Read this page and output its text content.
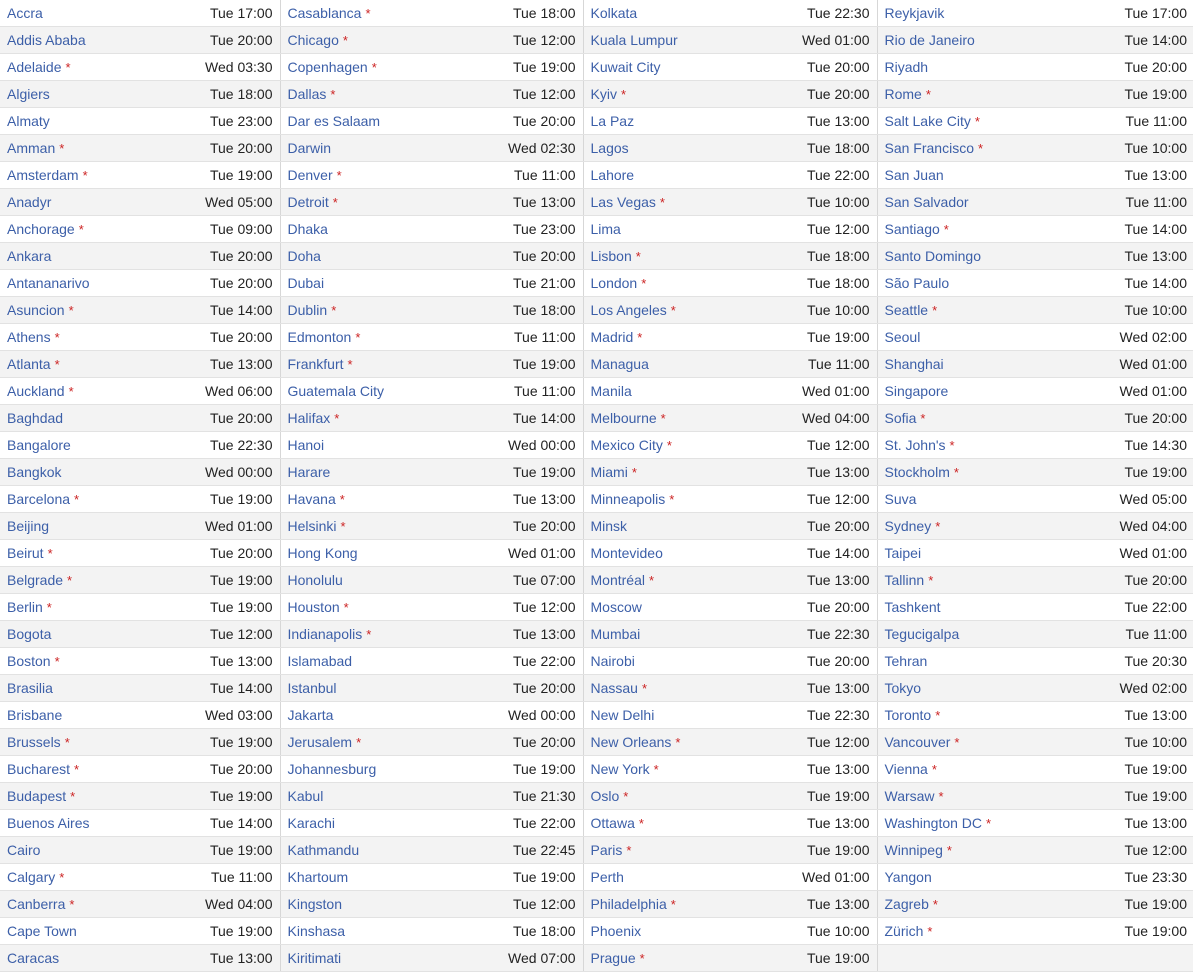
Accra	Tue 17:00	Casablanca *	Tue 18:00	Kolkata	Tue 22:30	Reykjavik	Tue 17:00
Addis Ababa	Tue 20:00	Chicago *	Tue 12:00	Kuala Lumpur	Wed 01:00	Rio de Janeiro	Tue 14:00
Adelaide *	Wed 03:30	Copenhagen *	Tue 19:00	Kuwait City	Tue 20:00	Riyadh	Tue 20:00
Algiers	Tue 18:00	Dallas *	Tue 12:00	Kyiv *	Tue 20:00	Rome *	Tue 19:00
Almaty	Tue 23:00	Dar es Salaam	Tue 20:00	La Paz	Tue 13:00	Salt Lake City *	Tue 11:00
Amman *	Tue 20:00	Darwin	Wed 02:30	Lagos	Tue 18:00	San Francisco *	Tue 10:00
Amsterdam *	Tue 19:00	Denver *	Tue 11:00	Lahore	Tue 22:00	San Juan	Tue 13:00
Anadyr	Wed 05:00	Detroit *	Tue 13:00	Las Vegas *	Tue 10:00	San Salvador	Tue 11:00
Anchorage *	Tue 09:00	Dhaka	Tue 23:00	Lima	Tue 12:00	Santiago *	Tue 14:00
Ankara	Tue 20:00	Doha	Tue 20:00	Lisbon *	Tue 18:00	Santo Domingo	Tue 13:00
Antananarivo	Tue 20:00	Dubai	Tue 21:00	London *	Tue 18:00	São Paulo	Tue 14:00
Asuncion *	Tue 14:00	Dublin *	Tue 18:00	Los Angeles *	Tue 10:00	Seattle *	Tue 10:00
Athens *	Tue 20:00	Edmonton *	Tue 11:00	Madrid *	Tue 19:00	Seoul	Wed 02:00
Atlanta *	Tue 13:00	Frankfurt *	Tue 19:00	Managua	Tue 11:00	Shanghai	Wed 01:00
Auckland *	Wed 06:00	Guatemala City	Tue 11:00	Manila	Wed 01:00	Singapore	Wed 01:00
Baghdad	Tue 20:00	Halifax *	Tue 14:00	Melbourne *	Wed 04:00	Sofia *	Tue 20:00
Bangalore	Tue 22:30	Hanoi	Wed 00:00	Mexico City *	Tue 12:00	St. John's *	Tue 14:30
Bangkok	Wed 00:00	Harare	Tue 19:00	Miami *	Tue 13:00	Stockholm *	Tue 19:00
Barcelona *	Tue 19:00	Havana *	Tue 13:00	Minneapolis *	Tue 12:00	Suva	Wed 05:00
Beijing	Wed 01:00	Helsinki *	Tue 20:00	Minsk	Tue 20:00	Sydney *	Wed 04:00
Beirut *	Tue 20:00	Hong Kong	Wed 01:00	Montevideo	Tue 14:00	Taipei	Wed 01:00
Belgrade *	Tue 19:00	Honolulu	Tue 07:00	Montréal *	Tue 13:00	Tallinn *	Tue 20:00
Berlin *	Tue 19:00	Houston *	Tue 12:00	Moscow	Tue 20:00	Tashkent	Tue 22:00
Bogota	Tue 12:00	Indianapolis *	Tue 13:00	Mumbai	Tue 22:30	Tegucigalpa	Tue 11:00
Boston *	Tue 13:00	Islamabad	Tue 22:00	Nairobi	Tue 20:00	Tehran	Tue 20:30
Brasilia	Tue 14:00	Istanbul	Tue 20:00	Nassau *	Tue 13:00	Tokyo	Wed 02:00
Brisbane	Wed 03:00	Jakarta	Wed 00:00	New Delhi	Tue 22:30	Toronto *	Tue 13:00
Brussels *	Tue 19:00	Jerusalem *	Tue 20:00	New Orleans *	Tue 12:00	Vancouver *	Tue 10:00
Bucharest *	Tue 20:00	Johannesburg	Tue 19:00	New York *	Tue 13:00	Vienna *	Tue 19:00
Budapest *	Tue 19:00	Kabul	Tue 21:30	Oslo *	Tue 19:00	Warsaw *	Tue 19:00
Buenos Aires	Tue 14:00	Karachi	Tue 22:00	Ottawa *	Tue 13:00	Washington DC *	Tue 13:00
Cairo	Tue 19:00	Kathmandu	Tue 22:45	Paris *	Tue 19:00	Winnipeg *	Tue 12:00
Calgary *	Tue 11:00	Khartoum	Tue 19:00	Perth	Wed 01:00	Yangon	Tue 23:30
Canberra *	Wed 04:00	Kingston	Tue 12:00	Philadelphia *	Tue 13:00	Zagreb *	Tue 19:00
Cape Town	Tue 19:00	Kinshasa	Tue 18:00	Phoenix	Tue 10:00	Zürich *	Tue 19:00
Caracas	Tue 13:00	Kiritimati	Wed 07:00	Prague *	Tue 19:00		
